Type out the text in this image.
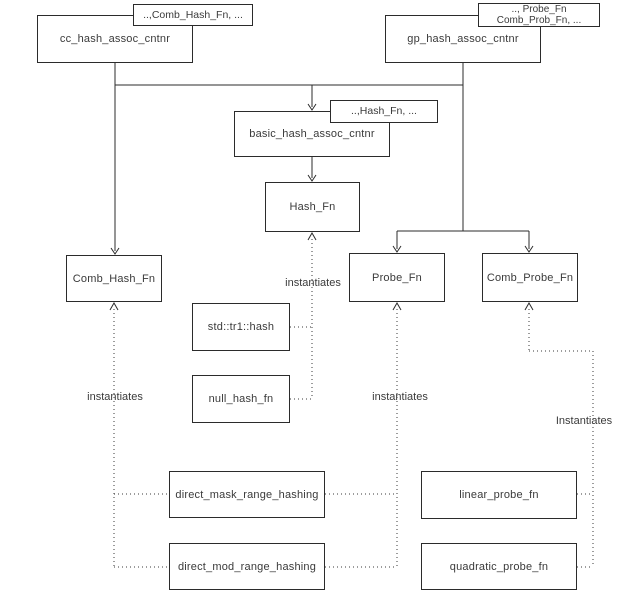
cc_hash_assoc_cntnr	gp_hash_assoc_cntnr
basic_hash_assoc_cntnr
Hash_Fn
Comb_Hash_Fn	Probe_Fn	Comb_Probe_Fn
std::tr1::hash
null_hash_fn
direct_mask_range_hashing
direct_mod_range_hashing
linear_probe_fn
quadratic_probe_fn
..,Comb_Hash_Fn, ...	.., Probe_Fn
Comb_Prob_Fn, ...
..,Hash_Fn, ...
instantiates
instantiates	instantiates
Instantiates
